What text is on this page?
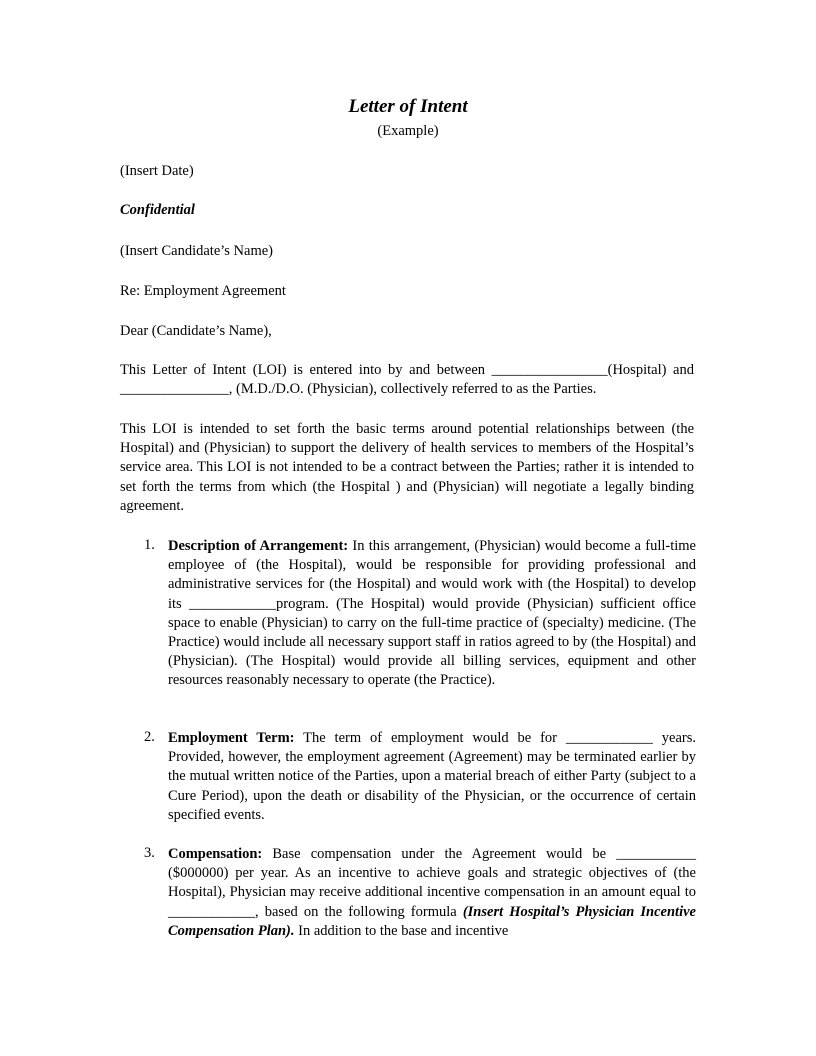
Letter of Intent
(Example)
(Insert Date)
Confidential
(Insert Candidate’s Name)
Re: Employment Agreement
Dear (Candidate’s Name),
This Letter of Intent (LOI) is entered into by and between ________________(Hospital) and _______________, (M.D./D.O. (Physician), collectively referred to as the Parties.
This LOI is intended to set forth the basic terms around potential relationships between (the Hospital) and (Physician) to support the delivery of health services to members of the Hospital’s service area. This LOI is not intended to be a contract between the Parties; rather it is intended to set forth the terms from which (the Hospital ) and (Physician) will negotiate a legally binding agreement.
1. Description of Arrangement: In this arrangement, (Physician) would become a full-time employee of (the Hospital), would be responsible for providing professional and administrative services for (the Hospital) and would work with (the Hospital) to develop its ____________program. (The Hospital) would provide (Physician) sufficient office space to enable (Physician) to carry on the full-time practice of (specialty) medicine. (The Practice) would include all necessary support staff in ratios agreed to by (the Hospital) and (Physician). (The Hospital) would provide all billing services, equipment and other resources reasonably necessary to operate (the Practice).
2. Employment Term: The term of employment would be for ____________ years. Provided, however, the employment agreement (Agreement) may be terminated earlier by the mutual written notice of the Parties, upon a material breach of either Party (subject to a Cure Period), upon the death or disability of the Physician, or the occurrence of certain specified events.
3. Compensation: Base compensation under the Agreement would be ___________ ($000000) per year. As an incentive to achieve goals and strategic objectives of (the Hospital), Physician may receive additional incentive compensation in an amount equal to ____________, based on the following formula (Insert Hospital’s Physician Incentive Compensation Plan). In addition to the base and incentive
